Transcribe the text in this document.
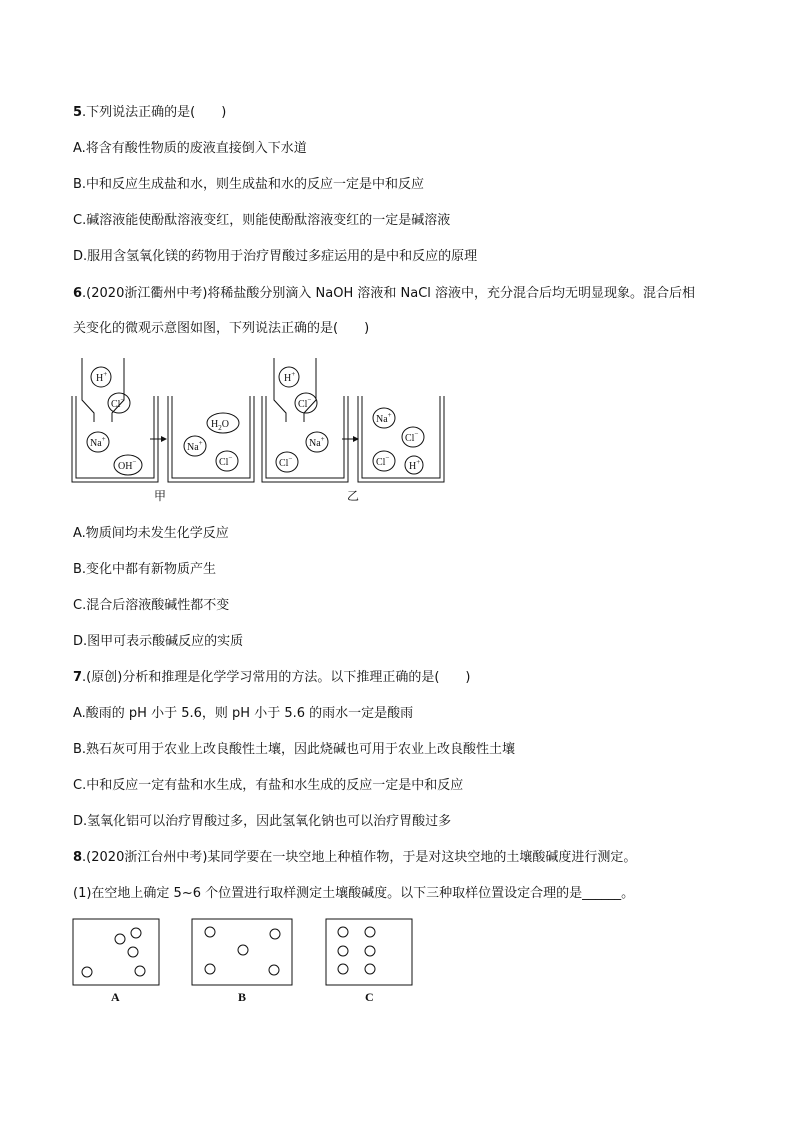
5.下列说法正确的是(　　)
A.将含有酸性物质的废液直接倒入下水道
B.中和反应生成盐和水，则生成盐和水的反应一定是中和反应
C.碱溶液能使酚酞溶液变红，则能使酚酞溶液变红的一定是碱溶液
D.服用含氢氧化镁的药物用于治疗胃酸过多症运用的是中和反应的原理
6.(2020浙江衢州中考)将稀盐酸分别滴入 NaOH 溶液和 NaCl 溶液中，充分混合后均无明显现象。混合后相
关变化的微观示意图如图，下列说法正确的是(　　)
H+
Cl−
Na+
OH−
$H_2O$
Na+
Cl−
H+
Cl−
Cl−
Na+
Na+
Cl−
Cl−
H+
甲	乙
A.物质间均未发生化学反应
B.变化中都有新物质产生
C.混合后溶液酸碱性都不变
D.图甲可表示酸碱反应的实质
7.(原创)分析和推理是化学学习常用的方法。以下推理正确的是(　　)
A.酸雨的 pH 小于 5.6，则 pH 小于 5.6 的雨水一定是酸雨
B.熟石灰可用于农业上改良酸性土壤，因此烧碱也可用于农业上改良酸性土壤
C.中和反应一定有盐和水生成，有盐和水生成的反应一定是中和反应
D.氢氧化铝可以治疗胃酸过多，因此氢氧化钠也可以治疗胃酸过多
8.(2020浙江台州中考)某同学要在一块空地上种植作物，于是对这块空地的土壤酸碱度进行测定。
(1)在空地上确定 5~6 个位置进行取样测定土壤酸碱度。以下三种取样位置设定合理的是______。
A	B	C
